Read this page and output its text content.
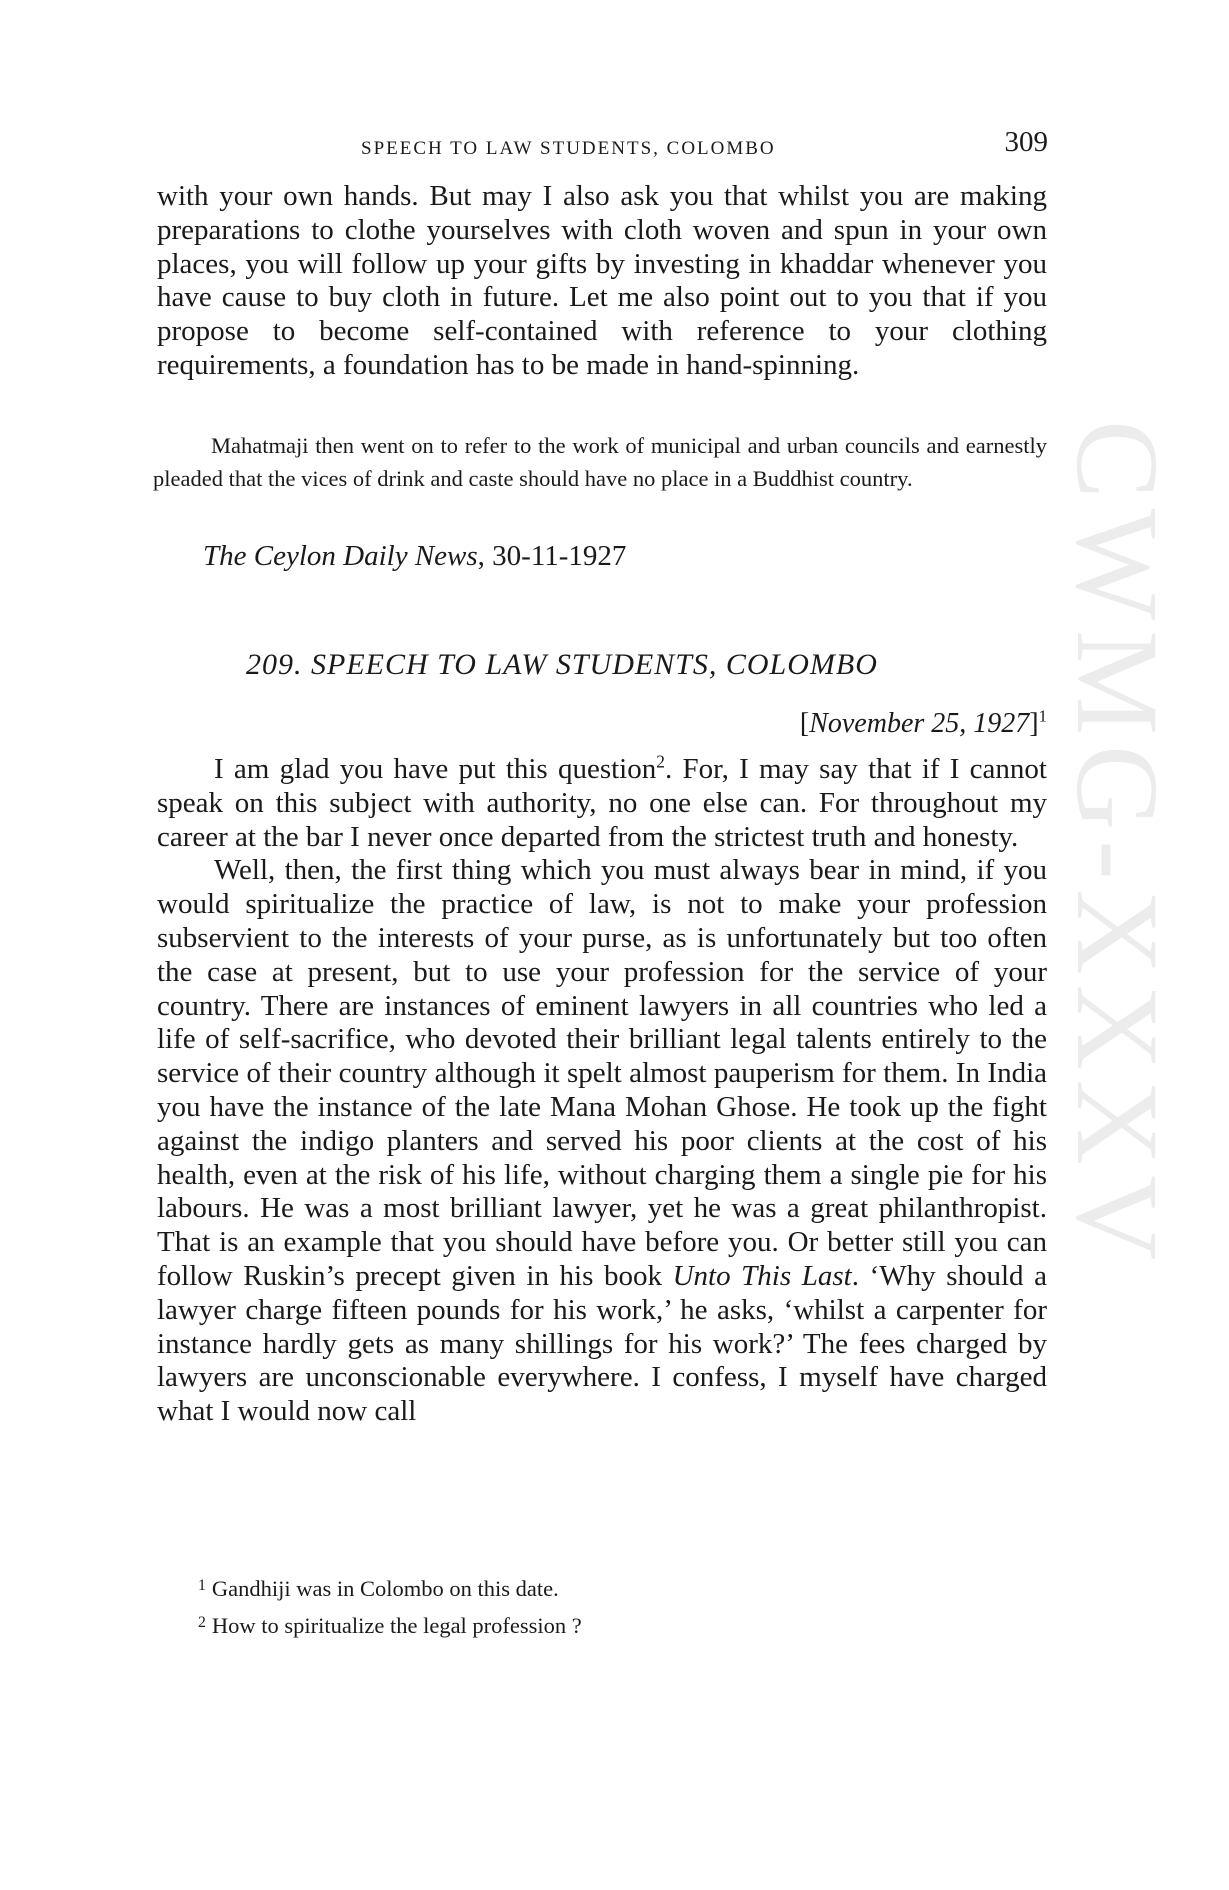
CWMG-XXXV
SPEECH TO LAW STUDENTS, COLOMBO	309

with your own hands. But may I also ask you that whilst you are making preparations to clothe yourselves with cloth woven and spun in your own places, you will follow up your gifts by investing in khaddar whenever you have cause to buy cloth in future. Let me also point out to you that if you propose to become self-contained with reference to your clothing requirements, a foundation has to be made in hand-spinning.

Mahatmaji then went on to refer to the work of municipal and urban councils and earnestly pleaded that the vices of drink and caste should have no place in a Buddhist country.

The Ceylon Daily News, 30-11-1927

209. SPEECH TO LAW STUDENTS, COLOMBO

[November 25, 1927]$^1$

I am glad you have put this question$^2$. For, I may say that if I cannot speak on this subject with authority, no one else can. For throughout my career at the bar I never once departed from the strictest truth and honesty.

Well, then, the first thing which you must always bear in mind, if you would spiritualize the practice of law, is not to make your profession subservient to the interests of your purse, as is unfortunately but too often the case at present, but to use your profession for the service of your country. There are instances of eminent lawyers in all countries who led a life of self-sacrifice, who devoted their brilliant legal talents entirely to the service of their country although it spelt almost pauperism for them. In India you have the instance of the late Mana Mohan Ghose. He took up the fight against the indigo planters and served his poor clients at the cost of his health, even at the risk of his life, without charging them a single pie for his labours. He was a most brilliant lawyer, yet he was a great philanthropist. That is an example that you should have before you. Or better still you can follow Ruskin’s precept given in his book Unto This Last. ‘Why should a lawyer charge fifteen pounds for his work,’ he asks, ‘whilst a carpenter for instance hardly gets as many shillings for his work?’ The fees charged by lawyers are unconscionable everywhere. I confess, I myself have charged what I would now call

$^1$ Gandhiji was in Colombo on this date.

$^2$ How to spiritualize the legal profession ?
